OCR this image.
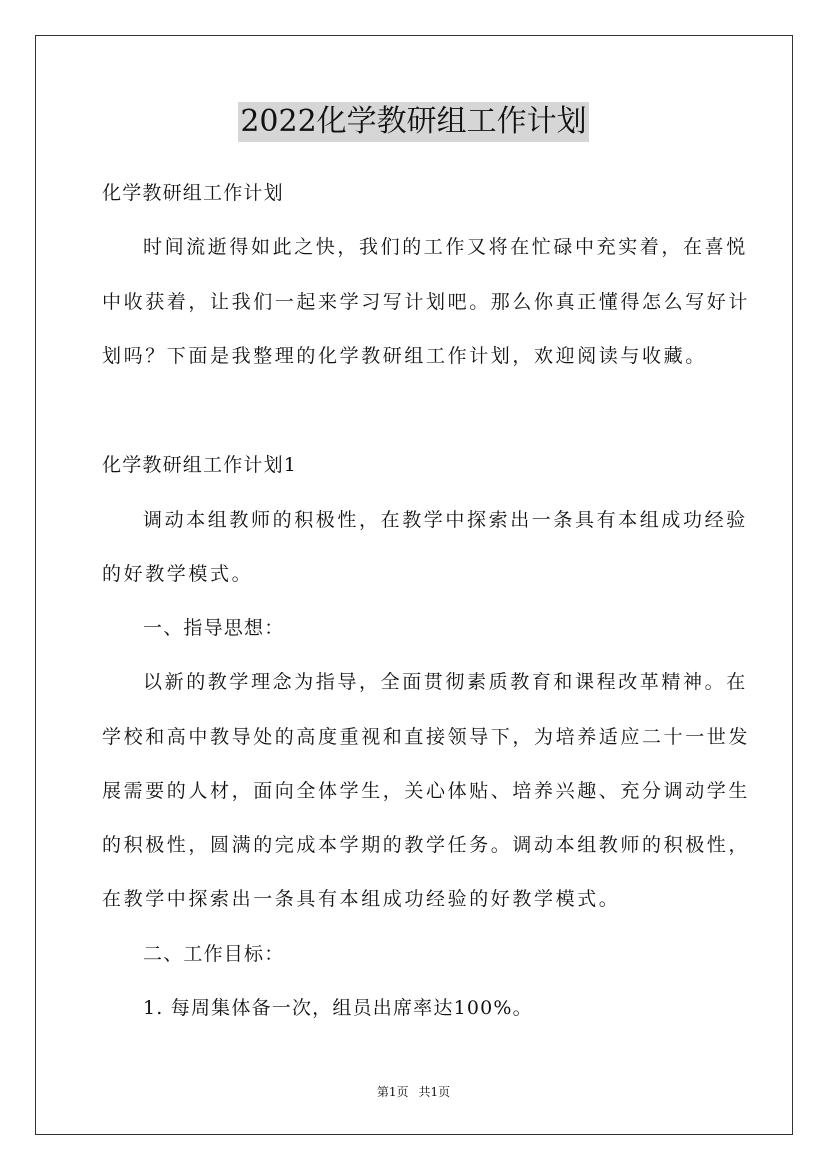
2022化学教研组工作计划
化学教研组工作计划
时间流逝得如此之快，我们的工作又将在忙碌中充实着，在喜悦
中收获着，让我们一起来学习写计划吧。那么你真正懂得怎么写好计
划吗？下面是我整理的化学教研组工作计划，欢迎阅读与收藏。
化学教研组工作计划1
调动本组教师的积极性，在教学中探索出一条具有本组成功经验
的好教学模式。
一、指导思想：
以新的教学理念为指导，全面贯彻素质教育和课程改革精神。在
学校和高中教导处的高度重视和直接领导下，为培养适应二十一世发
展需要的人材，面向全体学生，关心体贴、培养兴趣、充分调动学生
的积极性，圆满的完成本学期的教学任务。调动本组教师的积极性，
在教学中探索出一条具有本组成功经验的好教学模式。
二、工作目标：
1. 每周集体备一次，组员出席率达100%。
第1页 共1页
